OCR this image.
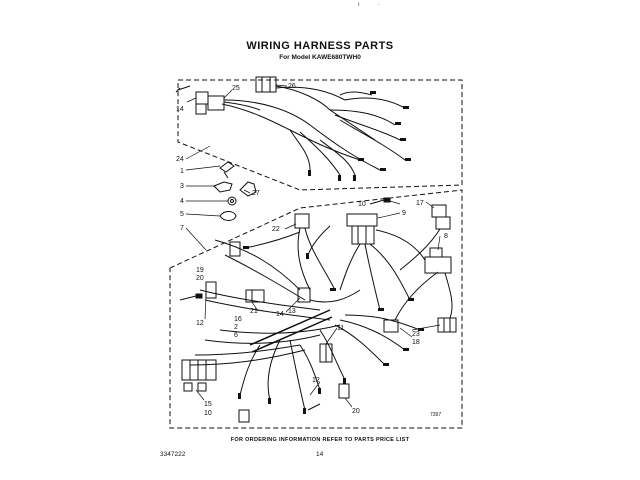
ı	·
WIRING HARNESS PARTS
For Model KAWE680TWH0
14
25	26
24
1
3
27
4
5
7
10
9
17
8
23
18
22
19
20
12
21	13
14
16
2
6
11
12
15
10	20	7397
FOR ORDERING INFORMATION REFER TO PARTS PRICE LIST
3347222	14
